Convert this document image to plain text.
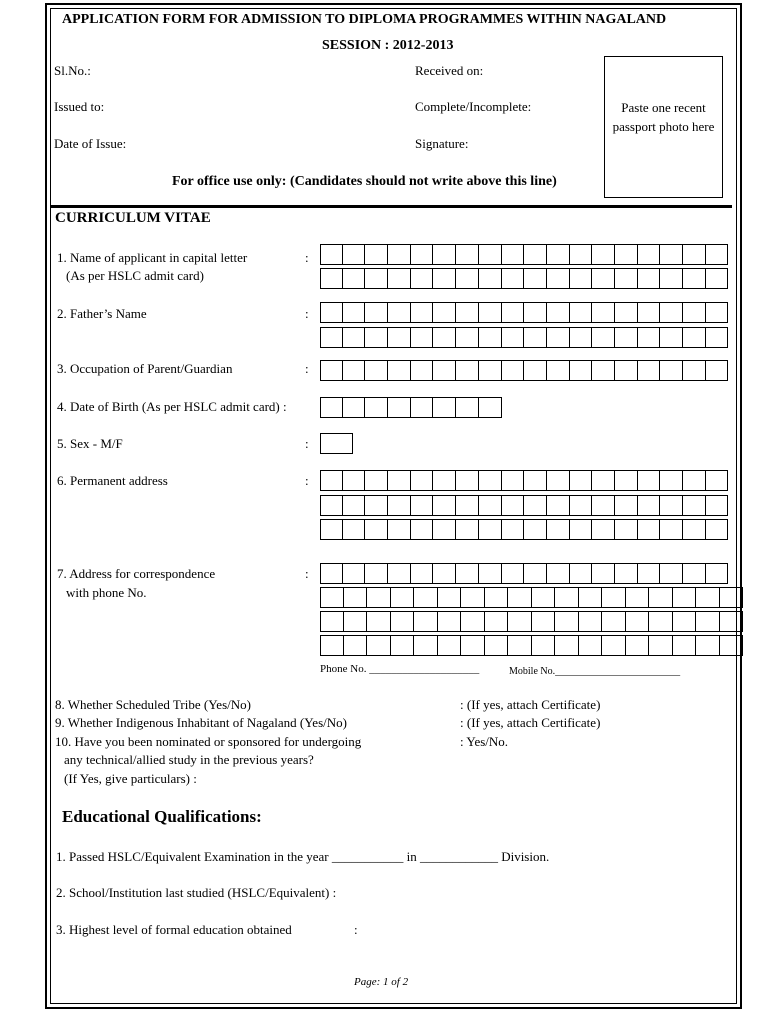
APPLICATION FORM FOR ADMISSION TO DIPLOMA PROGRAMMES WITHIN NAGALAND
SESSION : 2012-2013
Sl.No.:	Received on:
Issued to:	Complete/Incomplete:
Date of Issue:	Signature:
Paste one recent passport photo here
For office use only: (Candidates should not write above this line)
CURRICULUM VITAE
1. Name of applicant in capital letter
(As per HSLC admit card)
:
2. Father’s Name	:
3. Occupation of Parent/Guardian	:
4. Date of Birth (As per HSLC admit card) :
5. Sex - M/F	:
6. Permanent address	:
7. Address for correspondence
with phone No.
:
Phone No. ____________________	Mobile No._________________________
8. Whether Scheduled Tribe (Yes/No)	: (If yes, attach Certificate)
9. Whether Indigenous Inhabitant of Nagaland (Yes/No)	: (If yes, attach Certificate)
10. Have you been nominated or sponsored for undergoing	: Yes/No.
any technical/allied study in the previous years?
(If Yes, give particulars) :
Educational Qualifications:
1. Passed HSLC/Equivalent Examination in the year ___________ in ____________ Division.
2. School/Institution last studied (HSLC/Equivalent) :
3. Highest level of formal education obtained	:
Page: 1 of 2
